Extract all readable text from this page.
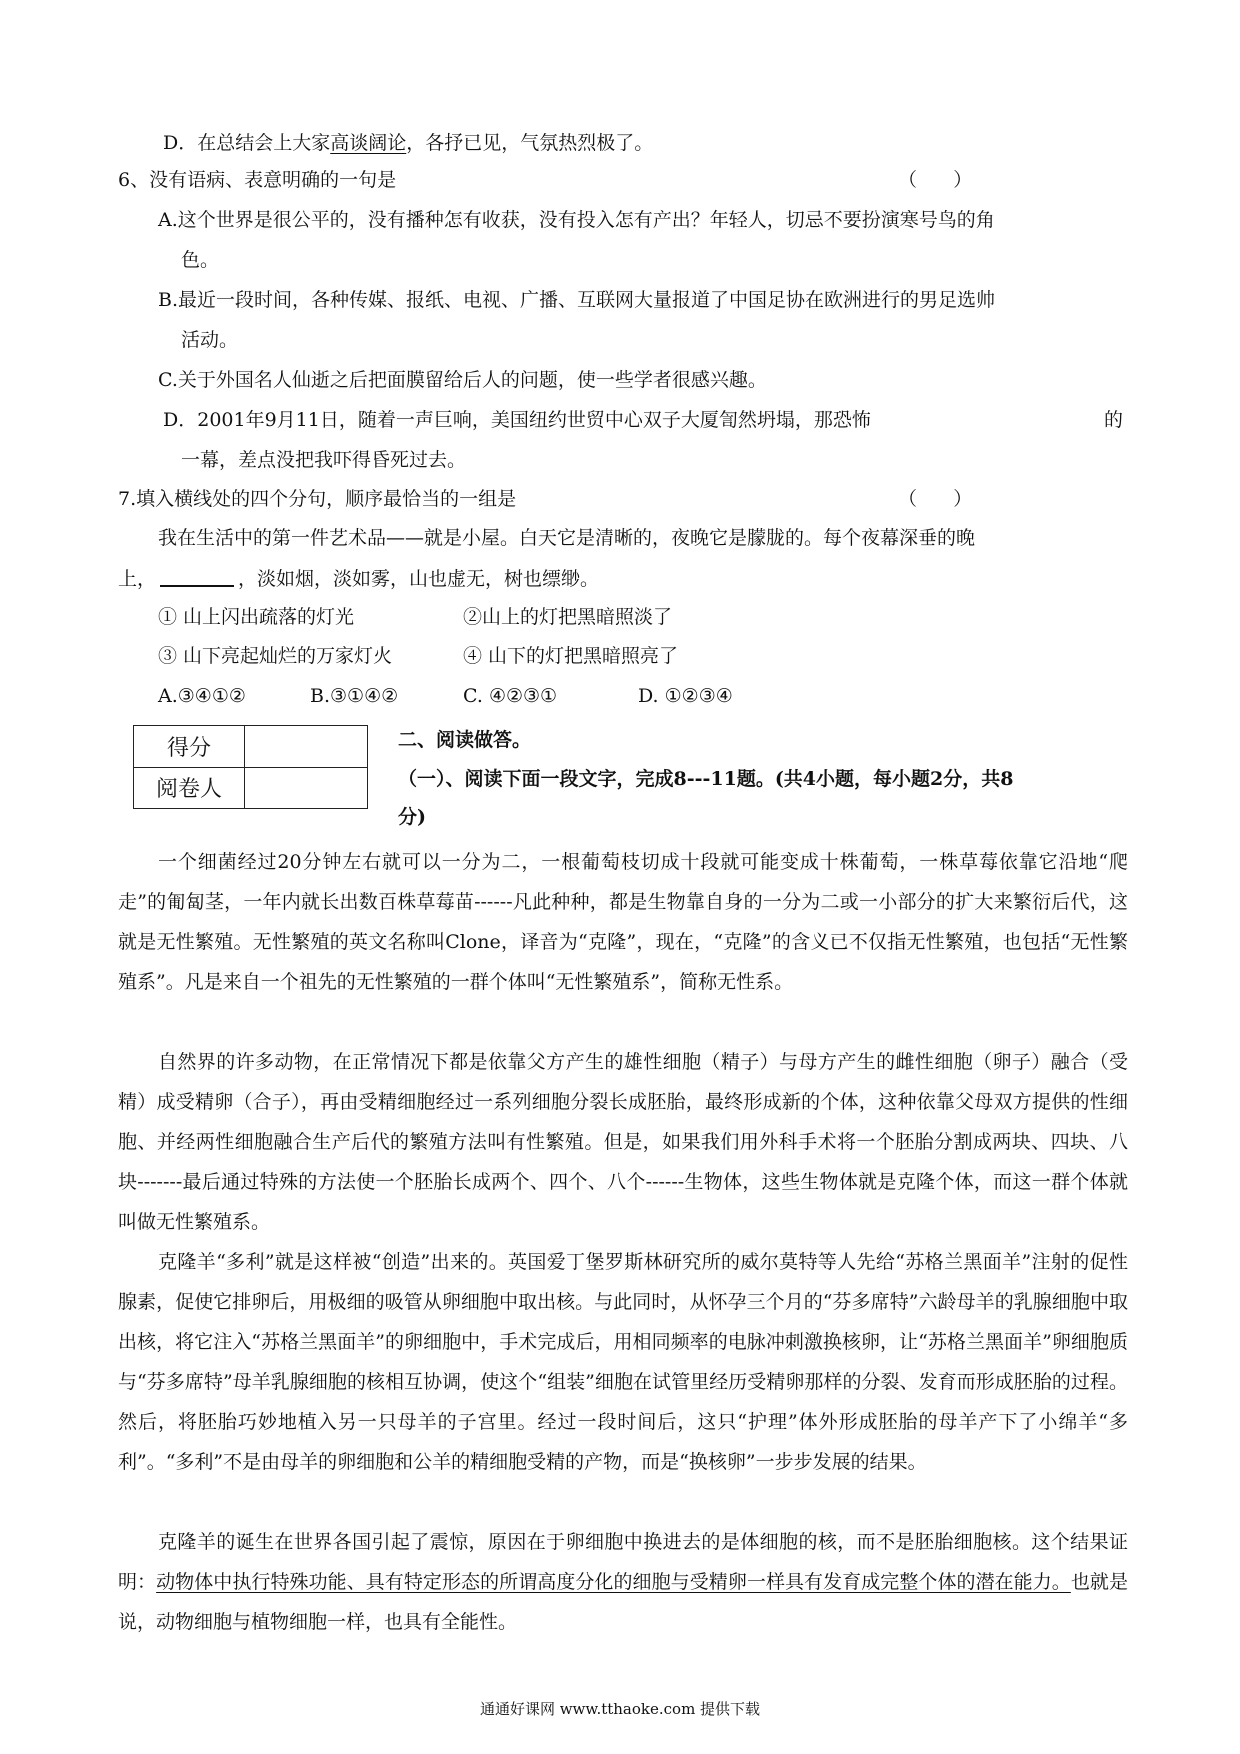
D．在总结会上大家高谈阔论，各抒已见，气氛热烈极了。
6、没有语病、表意明确的一句是	（      ）
A.这个世界是很公平的，没有播种怎有收获，没有投入怎有产出？年轻人，切忌不要扮演寒号鸟的角
色。
B.最近一段时间，各种传媒、报纸、电视、广播、互联网大量报道了中国足协在欧洲进行的男足选帅
活动。
C.关于外国名人仙逝之后把面膜留给后人的问题，使一些学者很感兴趣。
D．2001年9月11日，随着一声巨响，美国纽约世贸中心双子大厦訇然坍塌，那恐怖	的
一幕，差点没把我吓得昏死过去。
7.填入横线处的四个分句，顺序最恰当的一组是	（      ）
我在生活中的第一件艺术品——就是小屋。白天它是清晰的，夜晚它是朦胧的。每个夜幕深垂的晚
上，	，淡如烟，淡如雾，山也虚无，树也缥缈。
① 山上闪出疏落的灯光	②山上的灯把黑暗照淡了
③ 山下亮起灿烂的万家灯火	④ 山下的灯把黑暗照亮了
A.③④①②	B.③①④②	C. ④②③①	D. ①②③④
得分	
阅卷人	
二、阅读做答。
（一）、阅读下面一段文字，完成8---11题。(共4小题，每小题2分，共8
分)
一个细菌经过20分钟左右就可以一分为二，一根葡萄枝切成十段就可能变成十株葡萄，一株草莓依靠它沿地“爬走”的匍匐茎，一年内就长出数百株草莓苗------凡此种种，都是生物靠自身的一分为二或一小部分的扩大来繁衍后代，这就是无性繁殖。无性繁殖的英文名称叫Clone，译音为“克隆”，现在，“克隆”的含义已不仅指无性繁殖，也包括“无性繁殖系”。凡是来自一个祖先的无性繁殖的一群个体叫“无性繁殖系”，简称无性系。
自然界的许多动物，在正常情况下都是依靠父方产生的雄性细胞（精子）与母方产生的雌性细胞（卵子）融合（受精）成受精卵（合子），再由受精细胞经过一系列细胞分裂长成胚胎，最终形成新的个体，这种依靠父母双方提供的性细胞、并经两性细胞融合生产后代的繁殖方法叫有性繁殖。但是，如果我们用外科手术将一个胚胎分割成两块、四块、八块-------最后通过特殊的方法使一个胚胎长成两个、四个、八个------生物体，这些生物体就是克隆个体，而这一群个体就叫做无性繁殖系。
克隆羊“多利”就是这样被“创造”出来的。英国爱丁堡罗斯林研究所的威尔莫特等人先给“苏格兰黑面羊”注射的促性腺素，促使它排卵后，用极细的吸管从卵细胞中取出核。与此同时，从怀孕三个月的“芬多席特”六龄母羊的乳腺细胞中取出核，将它注入“苏格兰黑面羊”的卵细胞中，手术完成后，用相同频率的电脉冲刺激换核卵，让“苏格兰黑面羊”卵细胞质与“芬多席特”母羊乳腺细胞的核相互协调，使这个“组装”细胞在试管里经历受精卵那样的分裂、发育而形成胚胎的过程。然后，将胚胎巧妙地植入另一只母羊的子宫里。经过一段时间后，这只“护理”体外形成胚胎的母羊产下了小绵羊“多利”。“多利”不是由母羊的卵细胞和公羊的精细胞受精的产物，而是“换核卵”一步步发展的结果。
克隆羊的诞生在世界各国引起了震惊，原因在于卵细胞中换进去的是体细胞的核，而不是胚胎细胞核。这个结果证明：动物体中执行特殊功能、具有特定形态的所谓高度分化的细胞与受精卵一样具有发育成完整个体的潜在能力。也就是说，动物细胞与植物细胞一样，也具有全能性。
通通好课网 www.tthaoke.com 提供下载
